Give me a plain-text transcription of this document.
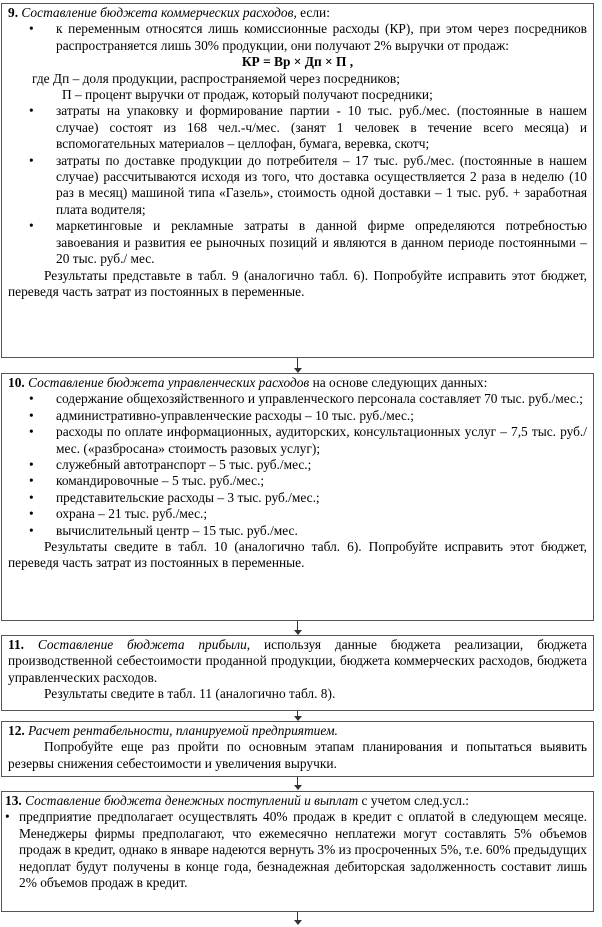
9. Составление бюджета коммерческих расходов, если:

• к переменным относятся лишь комиссионные расходы (КР), при этом через посредников распространяется лишь 30% продукции, они получают 2% выручки от продаж:

КР = Bр × Дп × П ,

где Дп – доля продукции, распространяемой через посредников;

П – процент выручки от продаж, который получают посредники;

• затраты на упаковку и формирование партии - 10 тыс. руб./мес. (постоянные в нашем случае) состоят из 168 чел.-ч/мес. (занят 1 человек в течение всего месяца) и вспомогательных материалов – целлофан, бумага, веревка, скотч;
• затраты по доставке продукции до потребителя – 17 тыс. руб./мес. (постоянные в нашем случае) рассчитываются исходя из того, что доставка осуществляется 2 раза в неделю (10 раз в месяц) машиной типа «Газель», стоимость одной доставки – 1 тыс. руб. + заработная плата водителя;
• маркетинговые и рекламные затраты в данной фирме определяются потребностью завоевания и развития ее рыночных позиций и являются в данном периоде постоянными – 20 тыс. руб./ мес.

Результаты представьте в табл. 9 (аналогично табл. 6). Попробуйте исправить этот бюджет, переведя часть затрат из постоянных в переменные.

10. Составление бюджета управленческих расходов на основе следующих данных:

• содержание общехозяйственного и управленческого персонала составляет 70 тыс. руб./мес.;
• административно-управленческие расходы – 10 тыс. руб./мес.;
• расходы по оплате информационных, аудиторских, консультационных услуг – 7,5 тыс. руб./мес. («разбросана» стоимость разовых услуг);
• служебный автотранспорт – 5 тыс. руб./мес.;
• командировочные – 5 тыс. руб./мес.;
• представительские расходы – 3 тыс. руб./мес.;
• охрана – 21 тыс. руб./мес.;
• вычислительный центр – 15 тыс. руб./мес.

Результаты сведите в табл. 10 (аналогично табл. 6). Попробуйте исправить этот бюджет, переведя часть затрат из постоянных в переменные.

11. Составление бюджета прибыли, используя данные бюджета реализации, бюджета производственной себестоимости проданной продукции, бюджета коммерческих расходов, бюджета управленческих расходов.

Результаты сведите в табл. 11 (аналогично табл. 8).

12. Расчет рентабельности, планируемой предприятием.

Попробуйте еще раз пройти по основным этапам планирования и попытаться выявить резервы снижения себестоимости и увеличения выручки.

13. Составление бюджета денежных поступлений и выплат с учетом след.усл.:

• предприятие предполагает осуществлять 40% продаж в кредит с оплатой в следующем месяце. Менеджеры фирмы предполагают, что ежемесячно неплатежи могут составлять 5% объемов продаж в кредит, однако в январе надеются вернуть 3% из просроченных 5%, т.е. 60% предыдущих недоплат будут получены в конце года, безнадежная дебиторская задолженность составит лишь 2% объемов продаж в кредит.
